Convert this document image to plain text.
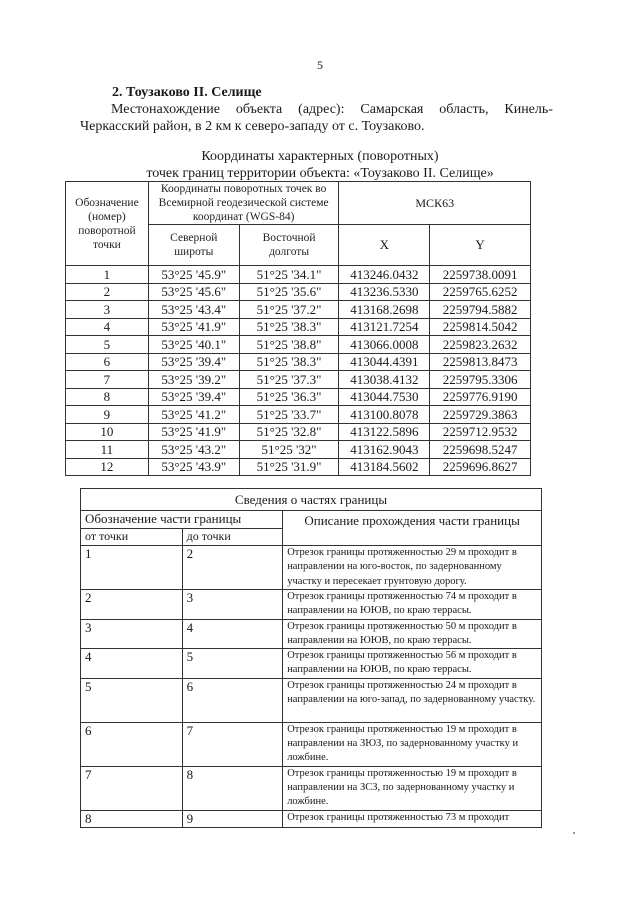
5
2. Тоузаково II. Селище
Местонахождение объекта (адрес): Самарская область, Кинель-
Черкасский район, в 2 км к северо-западу от с. Тоузаково.
Координаты характерных (поворотных)
точек границ территории объекта: «Тоузаково II. Селище»
Обозначение (номер) поворотной точки	Координаты поворотных точек во Всемирной геодезической системе координат (WGS-84)		МСК63	
	Северной широты	Восточной долготы	X	Y
1	53°25 '45.9"	51°25 '34.1"	413246.0432	2259738.0091
2	53°25 '45.6"	51°25 '35.6"	413236.5330	2259765.6252
3	53°25 '43.4"	51°25 '37.2"	413168.2698	2259794.5882
4	53°25 '41.9"	51°25 '38.3"	413121.7254	2259814.5042
5	53°25 '40.1"	51°25 '38.8"	413066.0008	2259823.2632
6	53°25 '39.4"	51°25 '38.3"	413044.4391	2259813.8473
7	53°25 '39.2"	51°25 '37.3"	413038.4132	2259795.3306
8	53°25 '39.4"	51°25 '36.3"	413044.7530	2259776.9190
9	53°25 '41.2"	51°25 '33.7"	413100.8078	2259729.3863
10	53°25 '41.9"	51°25 '32.8"	413122.5896	2259712.9532
11	53°25 '43.2"	51°25 '32"	413162.9043	2259698.5247
12	53°25 '43.9"	51°25 '31.9"	413184.5602	2259696.8627
Сведения о частях границы		
Обозначение части границы		Описание прохождения части границы
от точки	до точки	
1	2	Отрезок границы протяженностью 29 м проходит в направлении на юго-восток, по задернованному участку и пересекает грунтовую дорогу.
2	3	Отрезок границы протяженностью 74 м проходит в направлении на ЮЮВ, по краю террасы.
3	4	Отрезок границы протяженностью 50 м проходит в направлении на ЮЮВ, по краю террасы.
4	5	Отрезок границы протяженностью 56 м проходит в направлении на ЮЮВ, по краю террасы.
5	6	Отрезок границы протяженностью 24 м проходит в направлении на юго-запад, по задернованному участку.
6	7	Отрезок границы протяженностью 19 м проходит в направлении на ЗЮЗ, по задернованному участку и ложбине.
7	8	Отрезок границы протяженностью 19 м проходит в направлении на ЗСЗ, по задернованному участку и ложбине.
8	9	Отрезок границы протяженностью 73 м проходит
